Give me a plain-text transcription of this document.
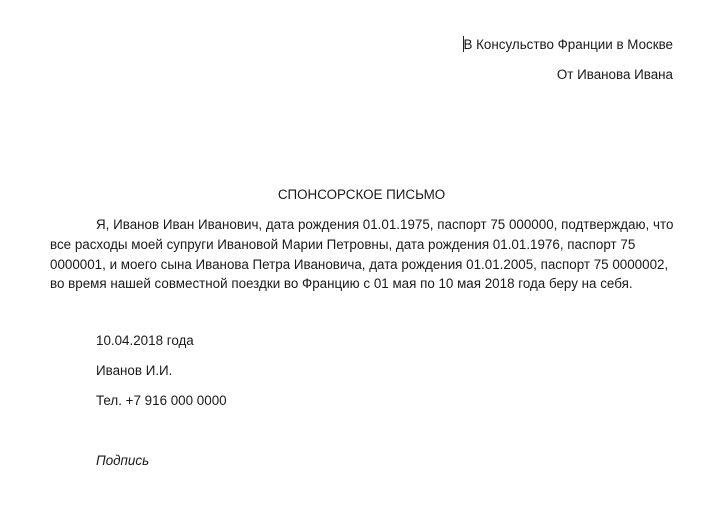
В Консульство Франции в Москве
От Иванова Ивана
СПОНСОРСКОЕ ПИСЬМО
Я, Иванов Иван Иванович, дата рождения 01.01.1975, паспорт 75 000000, подтверждаю, что
все расходы моей супруги Ивановой Марии Петровны, дата рождения 01.01.1976, паспорт 75
0000001, и моего сына Иванова Петра Ивановича, дата рождения 01.01.2005, паспорт 75 0000002,
во время нашей совместной поездки во Францию с 01 мая по 10 мая 2018 года беру на себя.
10.04.2018 года
Иванов И.И.
Тел. +7 916 000 0000
Подпись
